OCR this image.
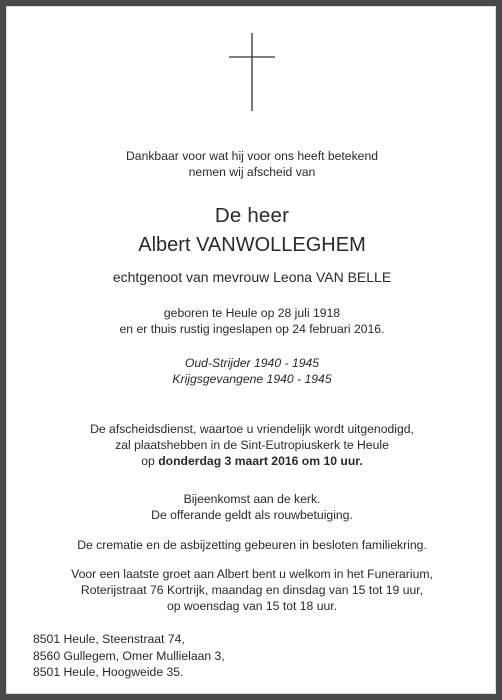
Dankbaar voor wat hij voor ons heeft betekend
nemen wij afscheid van
De heer
Albert VANWOLLEGHEM
echtgenoot van mevrouw Leona VAN BELLE
geboren te Heule op 28 juli 1918
en er thuis rustig ingeslapen op 24 februari 2016.
Oud-Strijder 1940 - 1945
Krijgsgevangene 1940 - 1945
De afscheidsdienst, waartoe u vriendelijk wordt uitgenodigd,
zal plaatshebben in de Sint-Eutropiuskerk te Heule
op donderdag 3 maart 2016 om 10 uur.
Bijeenkomst aan de kerk.
De offerande geldt als rouwbetuiging.
De crematie en de asbijzetting gebeuren in besloten familiekring.
Voor een laatste groet aan Albert bent u welkom in het Funerarium,
Roterijstraat 76 Kortrijk, maandag en dinsdag van 15 tot 19 uur,
op woensdag van 15 tot 18 uur.
8501 Heule, Steenstraat 74,
8560 Gullegem, Omer Mullielaan 3,
8501 Heule, Hoogweide 35.
